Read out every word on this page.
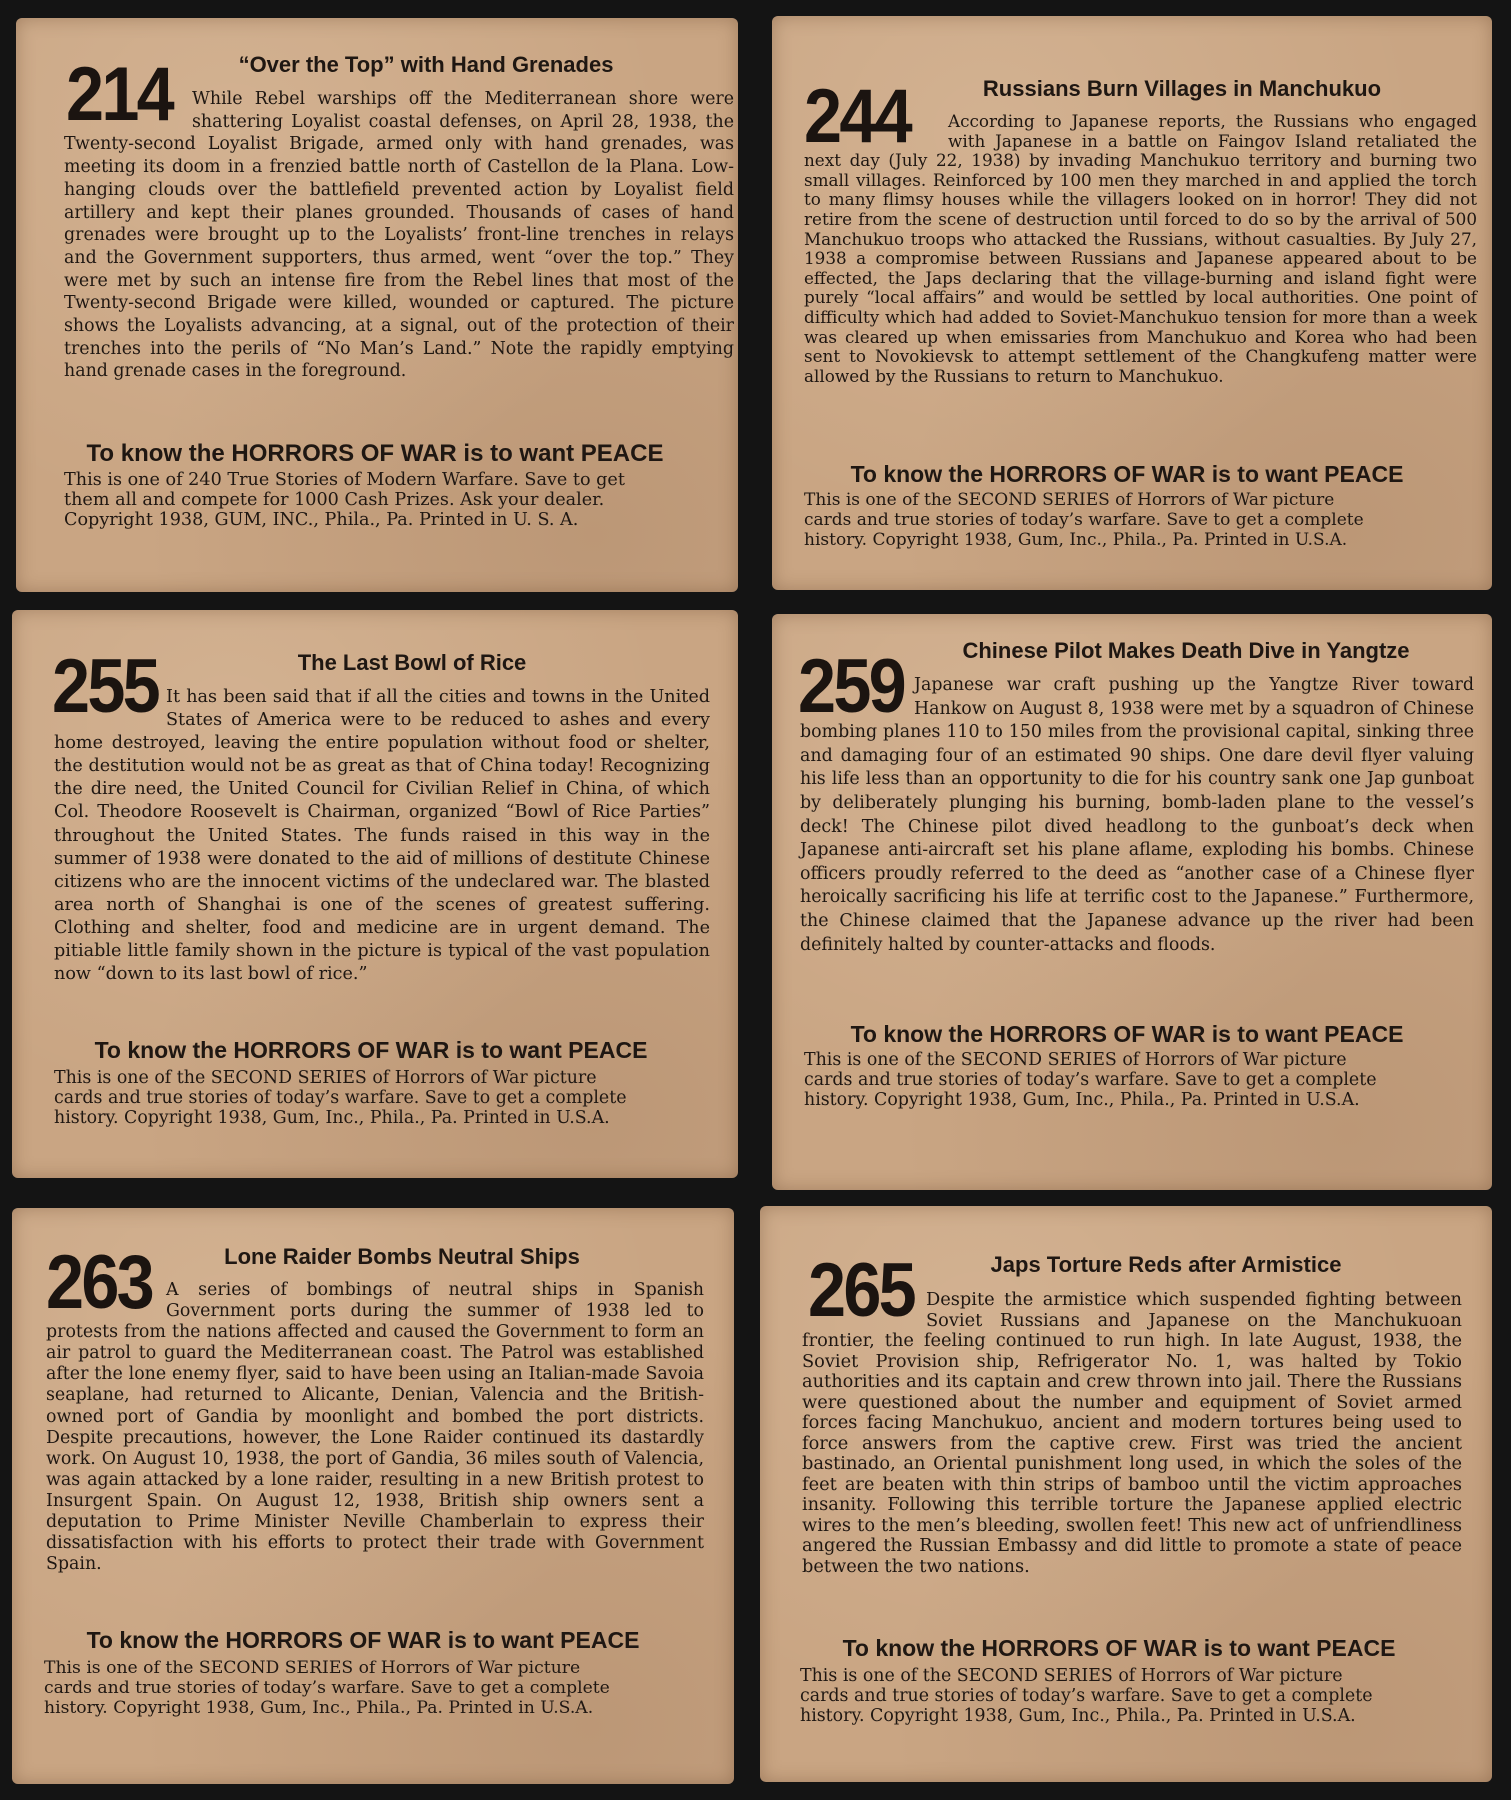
214	“Over the Top” with Hand Grenades

While Rebel warships off the Mediterranean shore were shattering Loyalist coastal defenses, on April 28, 1938, the Twenty-second Loyalist Brigade, armed only with hand grenades, was meeting its doom in a frenzied battle north of Castellon de la Plana. Low-hanging clouds over the battlefield prevented action by Loyalist field artillery and kept their planes grounded. Thousands of cases of hand grenades were brought up to the Loyalists’ front-line trenches in relays and the Government supporters, thus armed, went “over the top.” They were met by such an intense fire from the Rebel lines that most of the Twenty-second Brigade were killed, wounded or captured. The picture shows the Loyalists advancing, at a signal, out of the protection of their trenches into the perils of “No Man’s Land.” Note the rapidly emptying hand grenade cases in the foreground.

To know the HORRORS OF WAR is to want PEACE

This is one of 240 True Stories of Modern Warfare. Save to get
them all and compete for 1000 Cash Prizes. Ask your dealer.
Copyright 1938, GUM, INC., Phila., Pa. Printed in U. S. A.

244	Russians Burn Villages in Manchukuo

According to Japanese reports, the Russians who engaged with Japanese in a battle on Faingov Island retaliated the next day (July 22, 1938) by invading Manchukuo territory and burning two small villages. Reinforced by 100 men they marched in and applied the torch to many flimsy houses while the villagers looked on in horror! They did not retire from the scene of destruction until forced to do so by the arrival of 500 Manchukuo troops who attacked the Russians, without casualties. By July 27, 1938 a compromise between Russians and Japanese appeared about to be effected, the Japs declaring that the village-burning and island fight were purely “local affairs” and would be settled by local authorities. One point of difficulty which had added to Soviet-Manchukuo tension for more than a week was cleared up when emissaries from Manchukuo and Korea who had been sent to Novokievsk to attempt settlement of the Changkufeng matter were allowed by the Russians to return to Manchukuo.

To know the HORRORS OF WAR is to want PEACE

This is one of the SECOND SERIES of Horrors of War picture
cards and true stories of today’s warfare. Save to get a complete
history. Copyright 1938, Gum, Inc., Phila., Pa. Printed in U.S.A.

255	The Last Bowl of Rice

It has been said that if all the cities and towns in the United States of America were to be reduced to ashes and every home destroyed, leaving the entire population without food or shelter, the destitution would not be as great as that of China today! Recognizing the dire need, the United Council for Civilian Relief in China, of which Col. Theodore Roosevelt is Chairman, organized “Bowl of Rice Parties” throughout the United States. The funds raised in this way in the summer of 1938 were donated to the aid of millions of destitute Chinese citizens who are the innocent victims of the undeclared war. The blasted area north of Shanghai is one of the scenes of greatest suffering. Clothing and shelter, food and medicine are in urgent demand. The pitiable little family shown in the picture is typical of the vast population now “down to its last bowl of rice.”

To know the HORRORS OF WAR is to want PEACE

This is one of the SECOND SERIES of Horrors of War picture
cards and true stories of today’s warfare. Save to get a complete
history. Copyright 1938, Gum, Inc., Phila., Pa. Printed in U.S.A.

259	Chinese Pilot Makes Death Dive in Yangtze

Japanese war craft pushing up the Yangtze River toward Hankow on August 8, 1938 were met by a squadron of Chinese bombing planes 110 to 150 miles from the provisional capital, sinking three and damaging four of an estimated 90 ships. One dare devil flyer valuing his life less than an opportunity to die for his country sank one Jap gunboat by deliberately plunging his burning, bomb-laden plane to the vessel’s deck! The Chinese pilot dived headlong to the gunboat’s deck when Japanese anti-aircraft set his plane aflame, exploding his bombs. Chinese officers proudly referred to the deed as “another case of a Chinese flyer heroically sacrificing his life at terrific cost to the Japanese.” Furthermore, the Chinese claimed that the Japanese advance up the river had been definitely halted by counter-attacks and floods.

To know the HORRORS OF WAR is to want PEACE

This is one of the SECOND SERIES of Horrors of War picture
cards and true stories of today’s warfare. Save to get a complete
history. Copyright 1938, Gum, Inc., Phila., Pa. Printed in U.S.A.

263	Lone Raider Bombs Neutral Ships

A series of bombings of neutral ships in Spanish Government ports during the summer of 1938 led to protests from the nations affected and caused the Government to form an air patrol to guard the Mediterranean coast. The Patrol was established after the lone enemy flyer, said to have been using an Italian-made Savoia seaplane, had returned to Alicante, Denian, Valencia and the British-owned port of Gandia by moonlight and bombed the port districts. Despite precautions, however, the Lone Raider continued its dastardly work. On August 10, 1938, the port of Gandia, 36 miles south of Valencia, was again attacked by a lone raider, resulting in a new British protest to Insurgent Spain. On August 12, 1938, British ship owners sent a deputation to Prime Minister Neville Chamberlain to express their dissatisfaction with his efforts to protect their trade with Government Spain.

To know the HORRORS OF WAR is to want PEACE

This is one of the SECOND SERIES of Horrors of War picture
cards and true stories of today’s warfare. Save to get a complete
history. Copyright 1938, Gum, Inc., Phila., Pa. Printed in U.S.A.

265	Japs Torture Reds after Armistice

Despite the armistice which suspended fighting between Soviet Russians and Japanese on the Manchukuoan frontier, the feeling continued to run high. In late August, 1938, the Soviet Provision ship, Refrigerator No. 1, was halted by Tokio authorities and its captain and crew thrown into jail. There the Russians were questioned about the number and equipment of Soviet armed forces facing Manchukuo, ancient and modern tortures being used to force answers from the captive crew. First was tried the ancient bastinado, an Oriental punishment long used, in which the soles of the feet are beaten with thin strips of bamboo until the victim approaches insanity. Following this terrible torture the Japanese applied electric wires to the men’s bleeding, swollen feet! This new act of unfriendliness angered the Russian Embassy and did little to promote a state of peace between the two nations.

To know the HORRORS OF WAR is to want PEACE

This is one of the SECOND SERIES of Horrors of War picture
cards and true stories of today’s warfare. Save to get a complete
history. Copyright 1938, Gum, Inc., Phila., Pa. Printed in U.S.A.
